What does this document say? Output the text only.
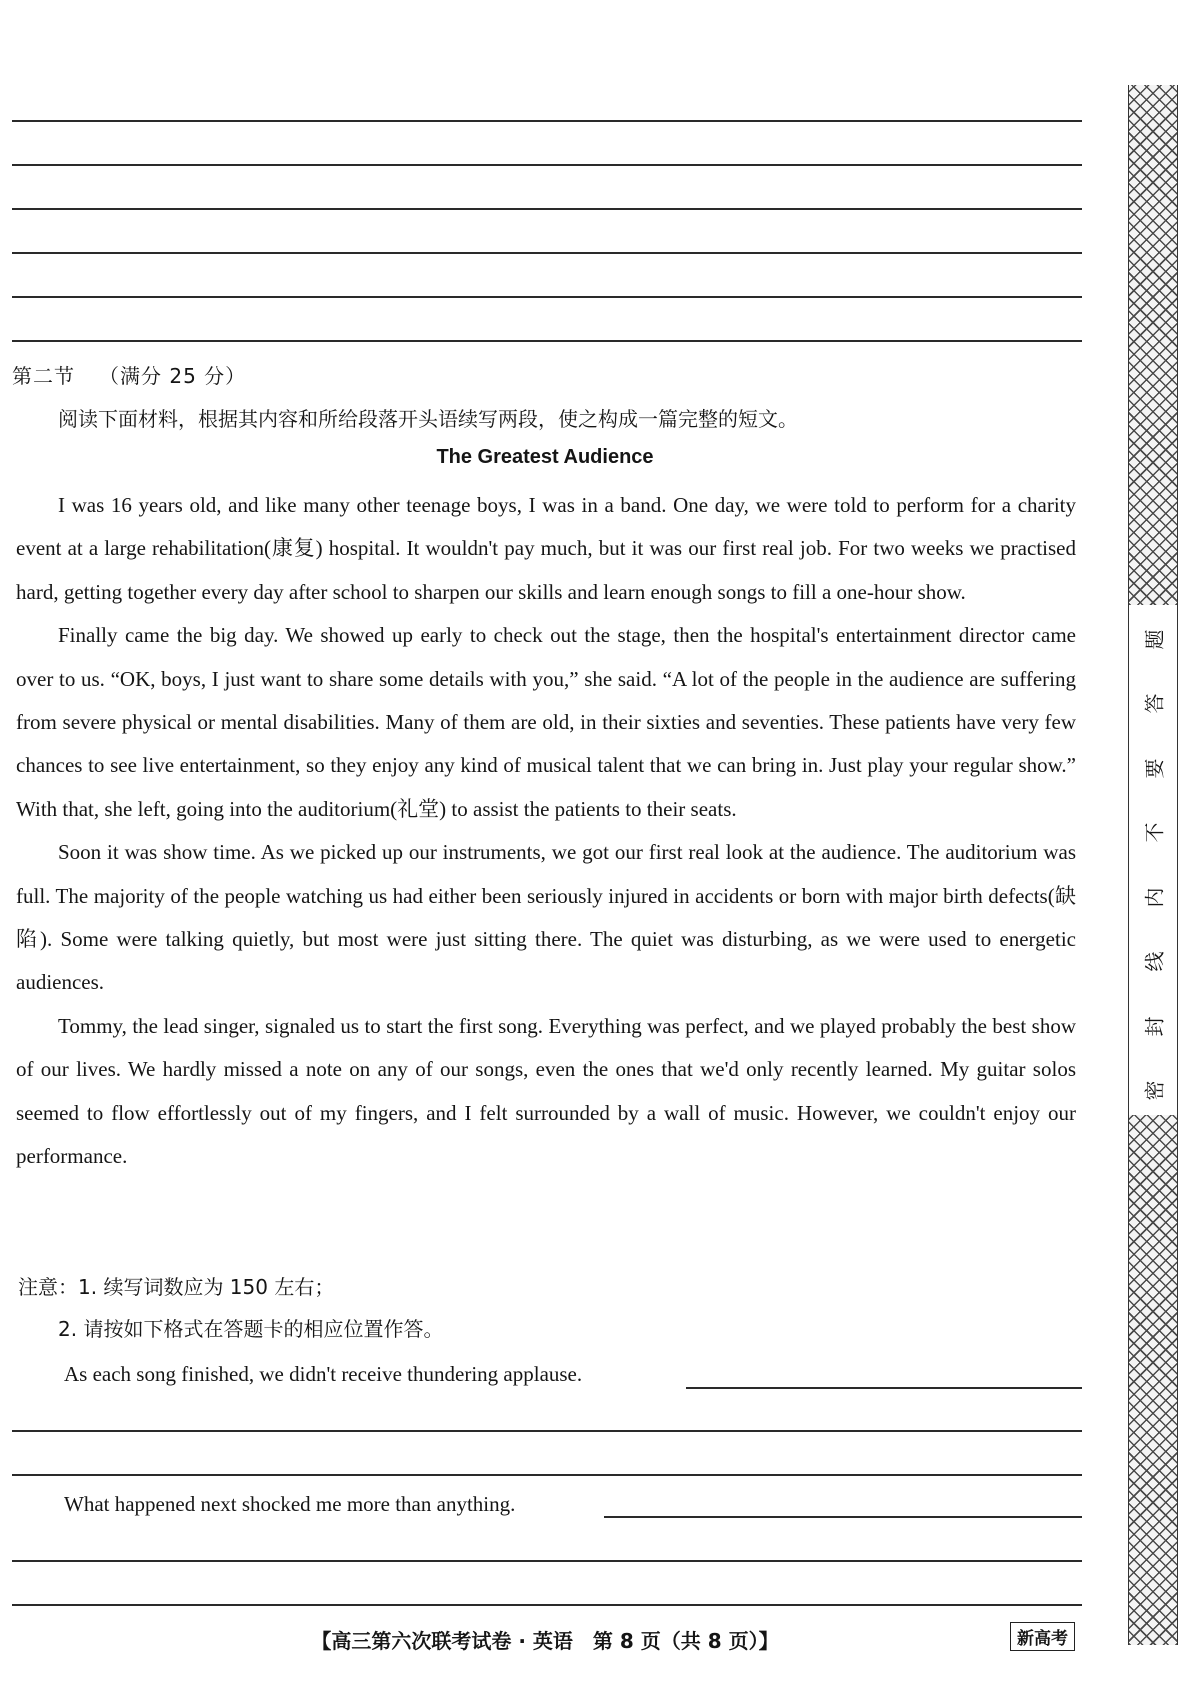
第二节 （满分 25 分）
阅读下面材料，根据其内容和所给段落开头语续写两段，使之构成一篇完整的短文。
The Greatest Audience

I was 16 years old, and like many other teenage boys, I was in a band. One day, we were told to perform for a charity event at a large rehabilitation(康复) hospital. It wouldn't pay much, but it was our first real job. For two weeks we practised hard, getting together every day after school to sharpen our skills and learn enough songs to fill a one-hour show.

Finally came the big day. We showed up early to check out the stage, then the hospital's entertainment director came over to us. “OK, boys, I just want to share some details with you,” she said. “A lot of the people in the audience are suffering from severe physical or mental disabilities. Many of them are old, in their sixties and seventies. These patients have very few chances to see live entertainment, so they enjoy any kind of musical talent that we can bring in. Just play your regular show.” With that, she left, going into the auditorium(礼堂) to assist the patients to their seats.

Soon it was show time. As we picked up our instruments, we got our first real look at the audience. The auditorium was full. The majority of the people watching us had either been seriously injured in accidents or born with major birth defects(缺陷). Some were talking quietly, but most were just sitting there. The quiet was disturbing, as we were used to energetic audiences.

Tommy, the lead singer, signaled us to start the first song. Everything was perfect, and we played probably the best show of our lives. We hardly missed a note on any of our songs, even the ones that we'd only recently learned. My guitar solos seemed to flow effortlessly out of my fingers, and I felt surrounded by a wall of music. However, we couldn't enjoy our performance.

注意：1. 续写词数应为 150 左右；
2. 请按如下格式在答题卡的相应位置作答。
As each song finished, we didn't receive thundering applause.
What happened next shocked me more than anything.
【高三第六次联考试卷 · 英语　第 8 页（共 8 页）】	新高考
题
答
要
不
内
线
封
密
